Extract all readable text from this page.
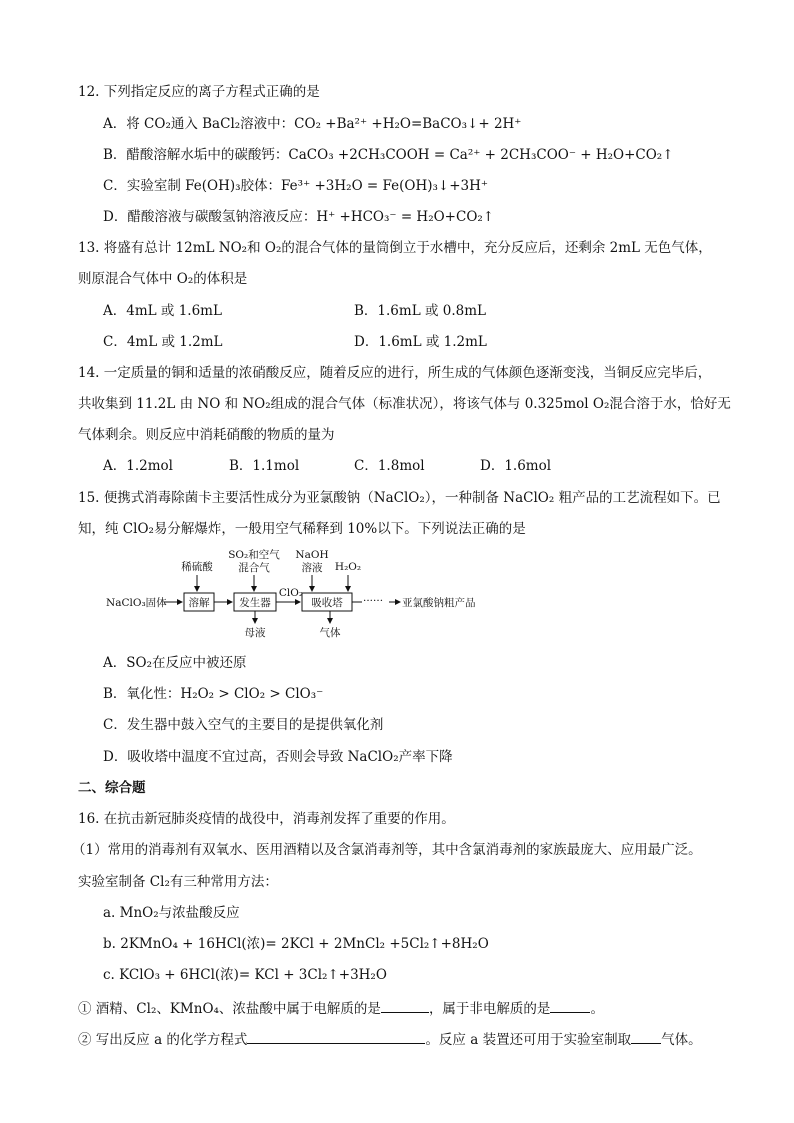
12. 下列指定反应的离子方程式正确的是
A．将 CO₂通入 BaCl₂溶液中：CO₂ +Ba²⁺ +H₂O=BaCO₃↓+ 2H⁺
B．醋酸溶解水垢中的碳酸钙：CaCO₃ +2CH₃COOH = Ca²⁺ + 2CH₃COO⁻ + H₂O+CO₂↑
C．实验室制 Fe(OH)₃胶体：Fe³⁺ +3H₂O = Fe(OH)₃↓+3H⁺
D．醋酸溶液与碳酸氢钠溶液反应：H⁺ +HCO₃⁻ = H₂O+CO₂↑
13. 将盛有总计 12mL NO₂和 O₂的混合气体的量筒倒立于水槽中，充分反应后，还剩余 2mL 无色气体，
则原混合气体中 O₂的体积是
A．4mL 或 1.6mL	B．1.6mL 或 0.8mL
C．4mL 或 1.2mL	D．1.6mL 或 1.2mL
14. 一定质量的铜和适量的浓硝酸反应，随着反应的进行，所生成的气体颜色逐渐变浅，当铜反应完毕后，
共收集到 11.2L 由 NO 和 NO₂组成的混合气体（标准状况），将该气体与 0.325mol O₂混合溶于水，恰好无
气体剩余。则反应中消耗硝酸的物质的量为
A．1.2mol	B．1.1mol	C．1.8mol	D．1.6mol
15. 便携式消毒除菌卡主要活性成分为亚氯酸钠（NaClO₂），一种制备 NaClO₂ 粗产品的工艺流程如下。已
知，纯 ClO₂易分解爆炸，一般用空气稀释到 10%以下。下列说法正确的是
稀硫酸
SO₂和空气
混合气
NaOH
溶液 H₂O₂
NaClO₃固体 溶解	发生器
ClO₂
吸收塔 ······ 亚氯酸钠粗产品
母液	气体
A．SO₂在反应中被还原
B．氧化性：H₂O₂ > ClO₂ > ClO₃⁻
C．发生器中鼓入空气的主要目的是提供氧化剂
D．吸收塔中温度不宜过高，否则会导致 NaClO₂产率下降
二、综合题
16. 在抗击新冠肺炎疫情的战役中，消毒剂发挥了重要的作用。
（1）常用的消毒剂有双氧水、医用酒精以及含氯消毒剂等，其中含氯消毒剂的家族最庞大、应用最广泛。
实验室制备 Cl₂有三种常用方法：
a. MnO₂与浓盐酸反应
b. 2KMnO₄ + 16HCl(浓)= 2KCl + 2MnCl₂ +5Cl₂↑+8H₂O
c. KClO₃ + 6HCl(浓)= KCl + 3Cl₂↑+3H₂O
① 酒精、Cl₂、KMnO₄、浓盐酸中属于电解质的是	，属于非电解质的是	。
② 写出反应 a 的化学方程式	。反应 a 装置还可用于实验室制取 气体。
